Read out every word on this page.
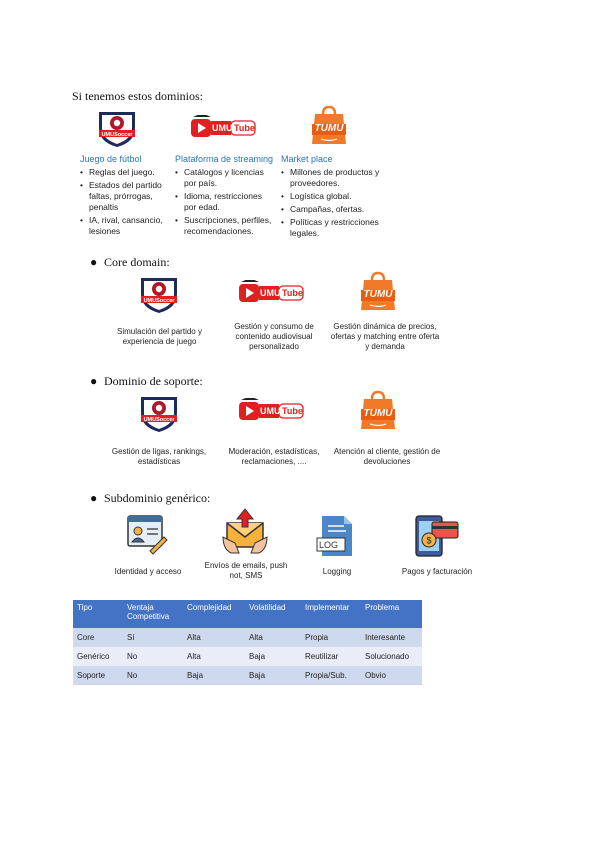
Si tenemos estos dominios:
UMU Tube	TUMU
Juego de fútbol
• Reglas del juego.
• Estados del partido faltas, prórrogas, penaltis
• IA, rival, cansancio, lesiones
Plataforma de streaming
• Catálogos y licencias por país.
• Idioma, restricciones por edad.
• Suscripciones, perfiles, recomendaciones.
Market place
• Millones de productos y proveedores.
• Logística global.
• Campañas, ofertas.
• Políticas y restricciones legales.
● Core domain:
UMU Tube	TUMU
Simulación del partido y experiencia de juego
Gestión y consumo de contenido audiovisual personalizado
Gestión dinámica de precios, ofertas y matching entre oferta y demanda
● Dominio de soporte:
UMU Tube	TUMU
Gestión de ligas, rankings, estadísticas
Moderación, estadísticas, reclamaciones, ....
Atención al cliente, gestión de devoluciones
● Subdominio genérico:
LOG	$
Identidad y acceso
Envíos de emails, push not, SMS	Logging	Pagos y facturación
Tipo	Ventaja Competitiva	Complejidad	Volatilidad	Implementar	Problema
Core	Sí	Alta	Alta	Propia	Interesante
Genérico	No	Alta	Baja	Reutilizar	Solucionado
Soporte	No	Baja	Baja	Propia/Sub.	Obvio
